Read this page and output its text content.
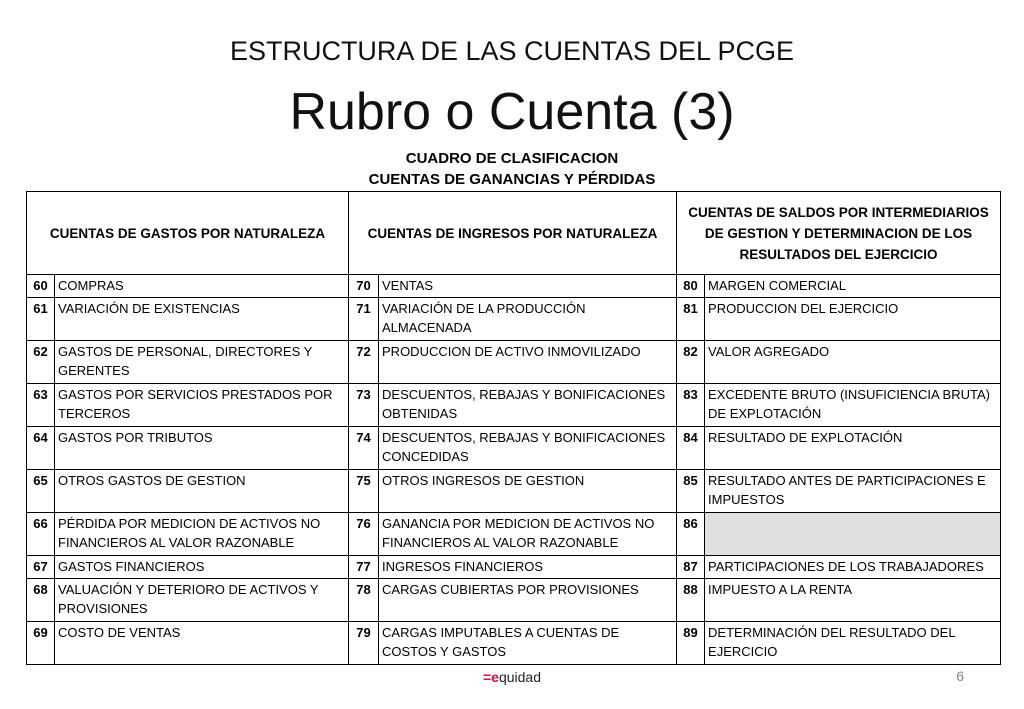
ESTRUCTURA DE LAS CUENTAS DEL PCGE
Rubro o Cuenta (3)
CUADRO DE CLASIFICACION
CUENTAS DE GANANCIAS Y PÉRDIDAS
CUENTAS DE GASTOS POR NATURALEZA		CUENTAS DE INGRESOS POR NATURALEZA		CUENTAS DE SALDOS POR INTERMEDIARIOS DE GESTION Y DETERMINACION DE LOS RESULTADOS DEL EJERCICIO	
60	COMPRAS	70	VENTAS	80	MARGEN COMERCIAL
61	VARIACIÓN DE EXISTENCIAS	71	VARIACIÓN DE LA PRODUCCIÓN ALMACENADA	81	PRODUCCION DEL EJERCICIO
62	GASTOS DE PERSONAL, DIRECTORES Y GERENTES	72	PRODUCCION DE ACTIVO INMOVILIZADO	82	VALOR AGREGADO
63	GASTOS POR SERVICIOS PRESTADOS POR TERCEROS	73	DESCUENTOS, REBAJAS Y BONIFICACIONES OBTENIDAS	83	EXCEDENTE BRUTO (INSUFICIENCIA BRUTA) DE EXPLOTACIÓN
64	GASTOS POR TRIBUTOS	74	DESCUENTOS, REBAJAS Y BONIFICACIONES CONCEDIDAS	84	RESULTADO DE EXPLOTACIÓN
65	OTROS GASTOS DE GESTION	75	OTROS INGRESOS DE GESTION	85	RESULTADO ANTES DE PARTICIPACIONES E IMPUESTOS
66	PÉRDIDA POR MEDICION DE ACTIVOS NO FINANCIEROS AL VALOR RAZONABLE	76	GANANCIA POR MEDICION DE ACTIVOS NO FINANCIEROS AL VALOR RAZONABLE	86	
67	GASTOS FINANCIEROS	77	INGRESOS FINANCIEROS	87	PARTICIPACIONES DE LOS TRABAJADORES
68	VALUACIÓN Y DETERIORO DE ACTIVOS Y PROVISIONES	78	CARGAS CUBIERTAS POR PROVISIONES	88	IMPUESTO A LA RENTA
69	COSTO DE VENTAS	79	CARGAS IMPUTABLES A CUENTAS DE COSTOS Y GASTOS	89	DETERMINACIÓN DEL RESULTADO DEL EJERCICIO
=equidad	6
